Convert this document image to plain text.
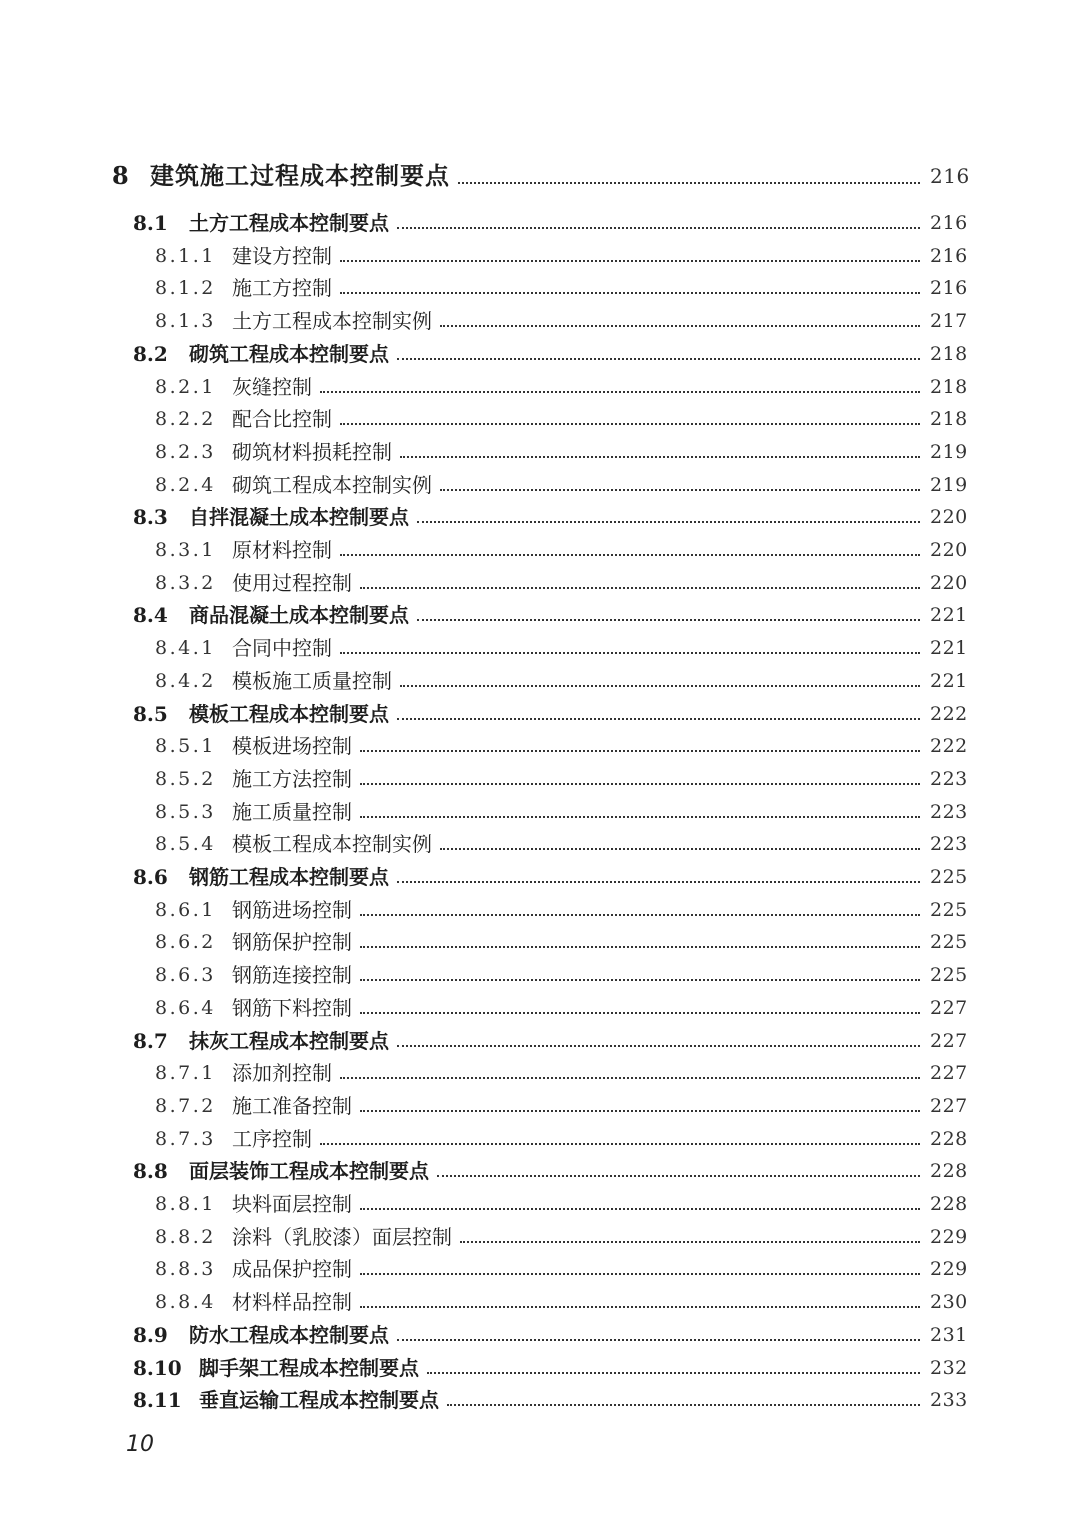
8 建筑施工过程成本控制要点	216
8.1 土方工程成本控制要点	216
8.1.1 建设方控制	216
8.1.2 施工方控制	216
8.1.3 土方工程成本控制实例	217
8.2 砌筑工程成本控制要点	218
8.2.1 灰缝控制	218
8.2.2 配合比控制	218
8.2.3 砌筑材料损耗控制	219
8.2.4 砌筑工程成本控制实例	219
8.3 自拌混凝土成本控制要点	220
8.3.1 原材料控制	220
8.3.2 使用过程控制	220
8.4 商品混凝土成本控制要点	221
8.4.1 合同中控制	221
8.4.2 模板施工质量控制	221
8.5 模板工程成本控制要点	222
8.5.1 模板进场控制	222
8.5.2 施工方法控制	223
8.5.3 施工质量控制	223
8.5.4 模板工程成本控制实例	223
8.6 钢筋工程成本控制要点	225
8.6.1 钢筋进场控制	225
8.6.2 钢筋保护控制	225
8.6.3 钢筋连接控制	225
8.6.4 钢筋下料控制	227
8.7 抹灰工程成本控制要点	227
8.7.1 添加剂控制	227
8.7.2 施工准备控制	227
8.7.3 工序控制	228
8.8 面层装饰工程成本控制要点	228
8.8.1 块料面层控制	228
8.8.2 涂料（乳胶漆）面层控制	229
8.8.3 成品保护控制	229
8.8.4 材料样品控制	230
8.9 防水工程成本控制要点	231
8.10 脚手架工程成本控制要点	232
8.11 垂直运输工程成本控制要点	233
10
